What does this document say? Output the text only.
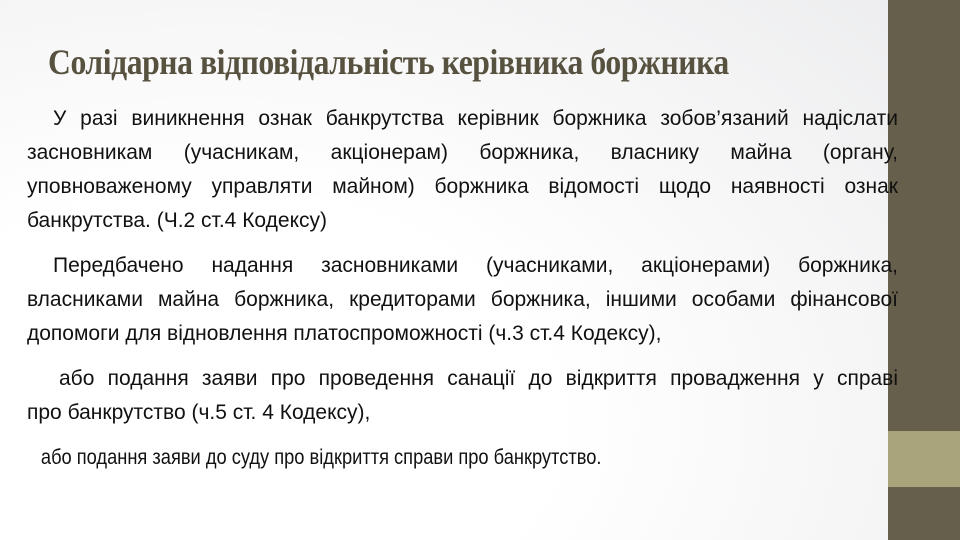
Солідарна відповідальність керівника боржника
У разі виникнення ознак банкрутства керівник боржника зобов’язаний надіслати
засновникам (учасникам, акціонерам) боржника, власнику майна (органу,
уповноваженому управляти майном) боржника відомості щодо наявності ознак
банкрутства. (Ч.2 ст.4 Кодексу)
Передбачено надання засновниками (учасниками, акціонерами) боржника,
власниками майна боржника, кредиторами боржника, іншими особами фінансової
допомоги для відновлення платоспроможності (ч.3 ст.4 Кодексу),
або подання заяви про проведення санації до відкриття провадження у справі
про банкрутство (ч.5 ст. 4 Кодексу),
або подання заяви до суду про відкриття справи про банкрутство.
